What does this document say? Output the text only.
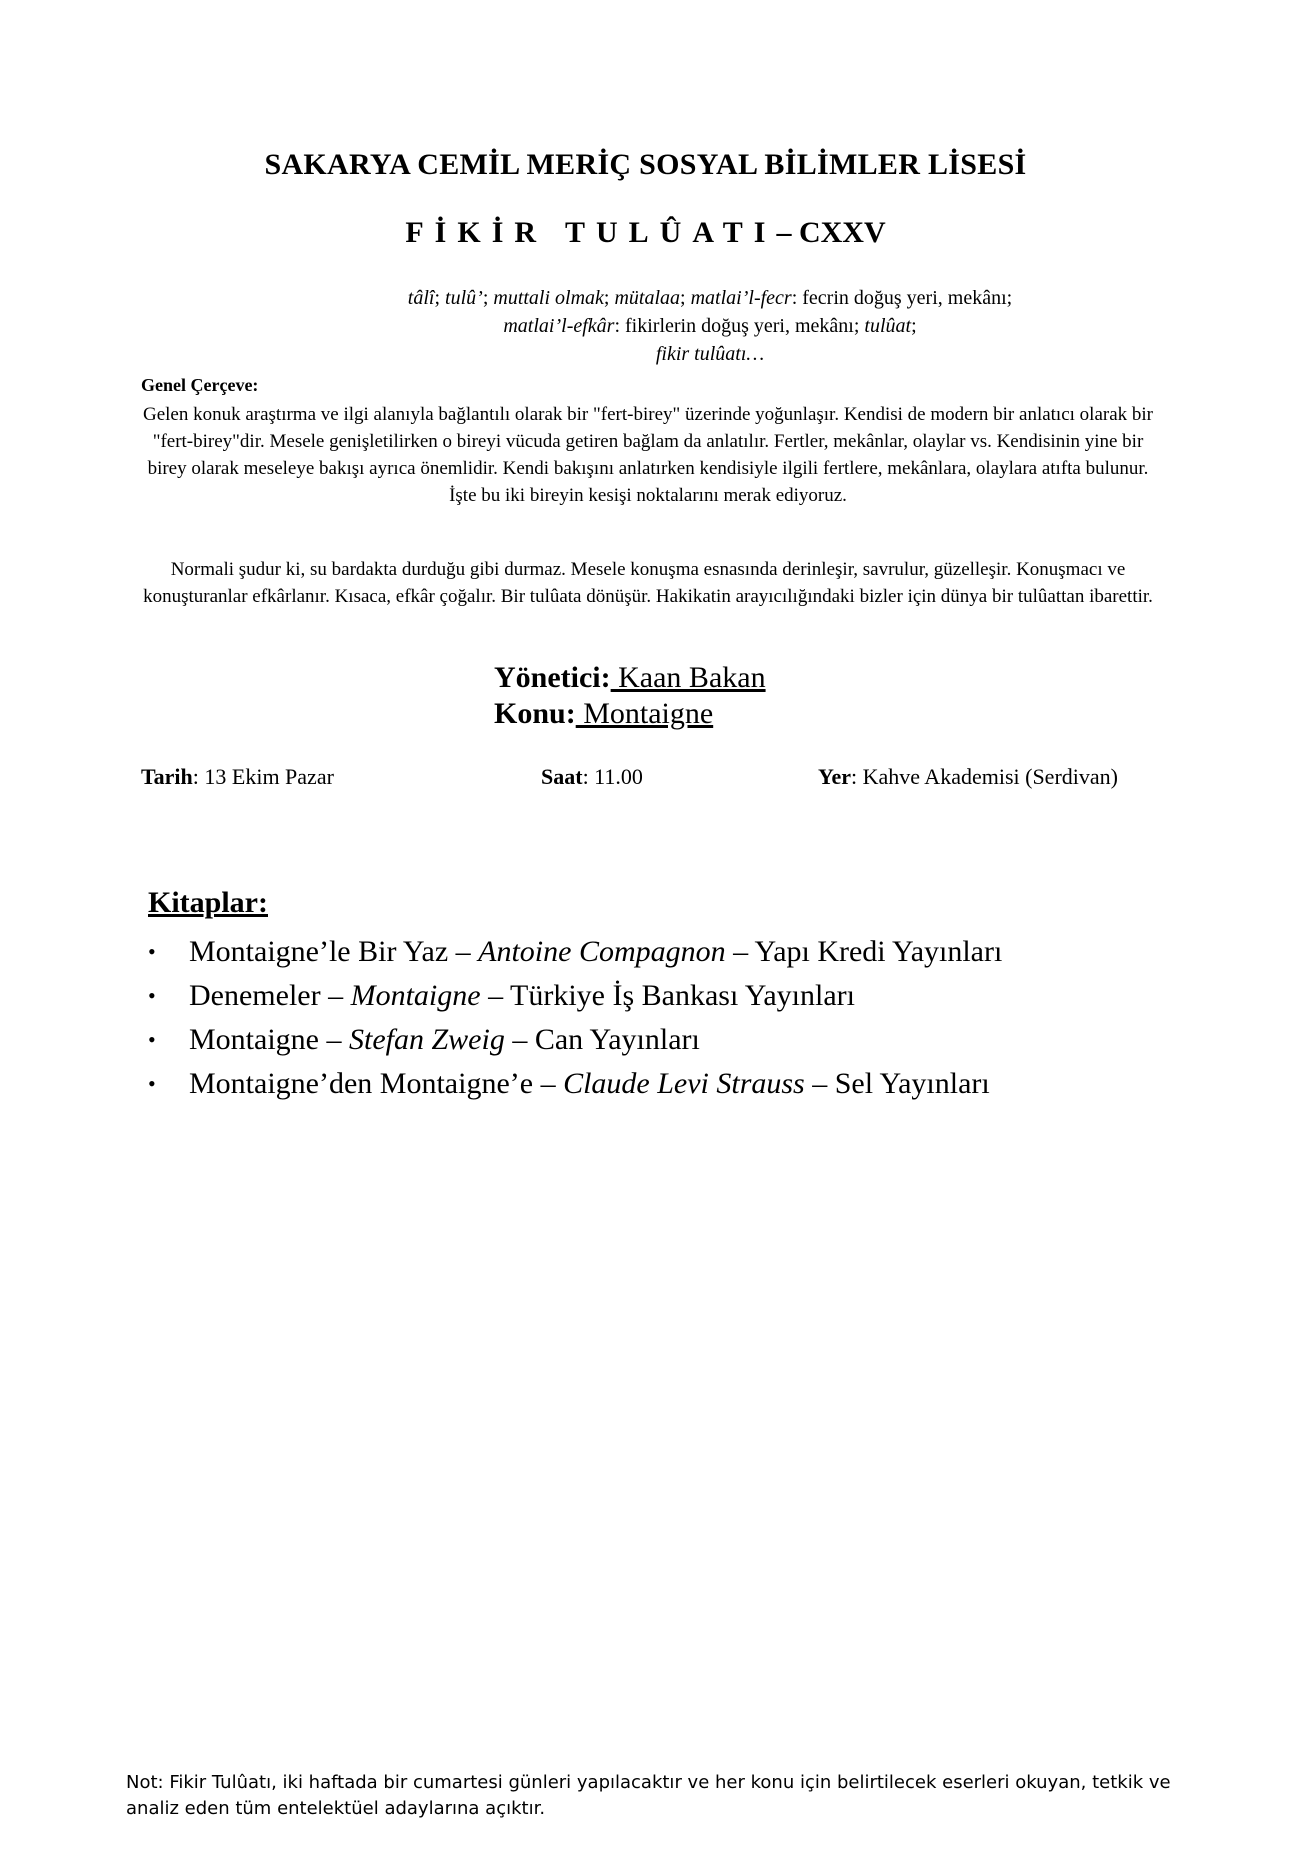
SAKARYA CEMİL MERİÇ SOSYAL BİLİMLER LİSESİ
FİKİR TULÛATI– CXXV
tâlî; tulû’; muttali olmak; mütalaa; matlai’l-fecr: fecrin doğuş yeri, mekânı;
matlai’l-efkâr: fikirlerin doğuş yeri, mekânı; tulûat;
fikir tulûatı…
Genel Çerçeve:
Gelen konuk araştırma ve ilgi alanıyla bağlantılı olarak bir "fert-birey" üzerinde yoğunlaşır. Kendisi de modern bir anlatıcı olarak bir "fert-birey"dir. Mesele genişletilirken o bireyi vücuda getiren bağlam da anlatılır. Fertler, mekânlar, olaylar vs. Kendisinin yine bir birey olarak meseleye bakışı ayrıca önemlidir. Kendi bakışını anlatırken kendisiyle ilgili fertlere, mekânlara, olaylara atıfta bulunur. İşte bu iki bireyin kesişi noktalarını merak ediyoruz.
Normali şudur ki, su bardakta durduğu gibi durmaz. Mesele konuşma esnasında derinleşir, savrulur, güzelleşir. Konuşmacı ve konuşturanlar efkârlanır. Kısaca, efkâr çoğalır. Bir tulûata dönüşür. Hakikatin arayıcılığındaki bizler için dünya bir tulûattan ibarettir.
Yönetici: Kaan Bakan
Konu: Montaigne
Tarih: 13 Ekim Pazar	Saat: 11.00	Yer: Kahve Akademisi (Serdivan)
Kitaplar:
• Montaigne’le Bir Yaz – Antoine Compagnon – Yapı Kredi Yayınları
• Denemeler – Montaigne – Türkiye İş Bankası Yayınları
• Montaigne – Stefan Zweig – Can Yayınları
• Montaigne’den Montaigne’e – Claude Levi Strauss – Sel Yayınları
Not: Fikir Tulûatı, iki haftada bir cumartesi günleri yapılacaktır ve her konu için belirtilecek eserleri okuyan, tetkik ve analiz eden tüm entelektüel adaylarına açıktır.
